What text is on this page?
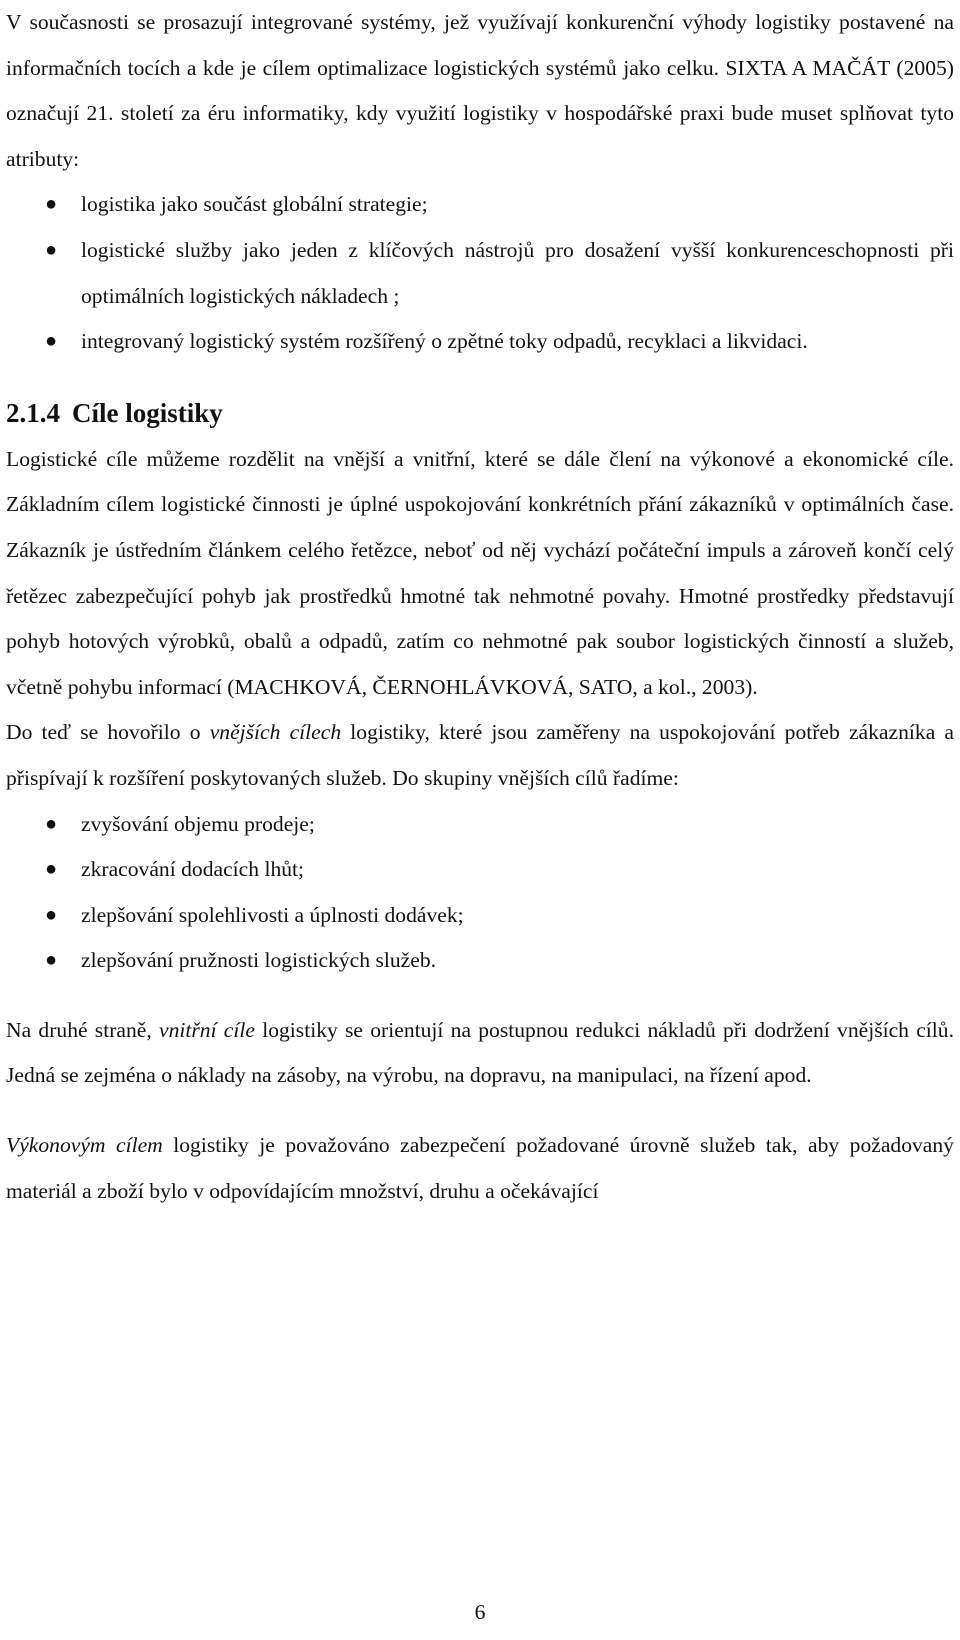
V současnosti se prosazují integrované systémy, jež využívají konkurenční výhody logistiky postavené na informačních tocích a kde je cílem optimalizace logistických systémů jako celku. SIXTA A MAČÁT (2005) označují 21. století za éru informatiky, kdy využití logistiky v hospodářské praxi bude muset splňovat tyto atributy:

● logistika jako součást globální strategie;
● logistické služby jako jeden z klíčových nástrojů pro dosažení vyšší konkurenceschopnosti při optimálních logistických nákladech ;
● integrovaný logistický systém rozšířený o zpětné toky odpadů, recyklaci a likvidaci.
2.1.4 Cíle logistiky

Logistické cíle můžeme rozdělit na vnější a vnitřní, které se dále člení na výkonové a ekonomické cíle. Základním cílem logistické činnosti je úplné uspokojování konkrétních přání zákazníků v optimálních čase. Zákazník je ústředním článkem celého řetězce, neboť od něj vychází počáteční impuls a zároveň končí celý řetězec zabezpečující pohyb jak prostředků hmotné tak nehmotné povahy. Hmotné prostředky představují pohyb hotových výrobků, obalů a odpadů, zatím co nehmotné pak soubor logistických činností a služeb, včetně pohybu informací (MACHKOVÁ, ČERNOHLÁVKOVÁ, SATO, a kol., 2003).

Do teď se hovořilo o vnějších cílech logistiky, které jsou zaměřeny na uspokojování potřeb zákazníka a přispívají k rozšíření poskytovaných služeb. Do skupiny vnějších cílů řadíme:

● zvyšování objemu prodeje;
● zkracování dodacích lhůt;
● zlepšování spolehlivosti a úplnosti dodávek;
● zlepšování pružnosti logistických služeb.

Na druhé straně, vnitřní cíle logistiky se orientují na postupnou redukci nákladů při dodržení vnějších cílů. Jedná se zejména o náklady na zásoby, na výrobu, na dopravu, na manipulaci, na řízení apod.

Výkonovým cílem logistiky je považováno zabezpečení požadované úrovně služeb tak, aby požadovaný materiál a zboží bylo v odpovídajícím množství, druhu a očekávající

6
